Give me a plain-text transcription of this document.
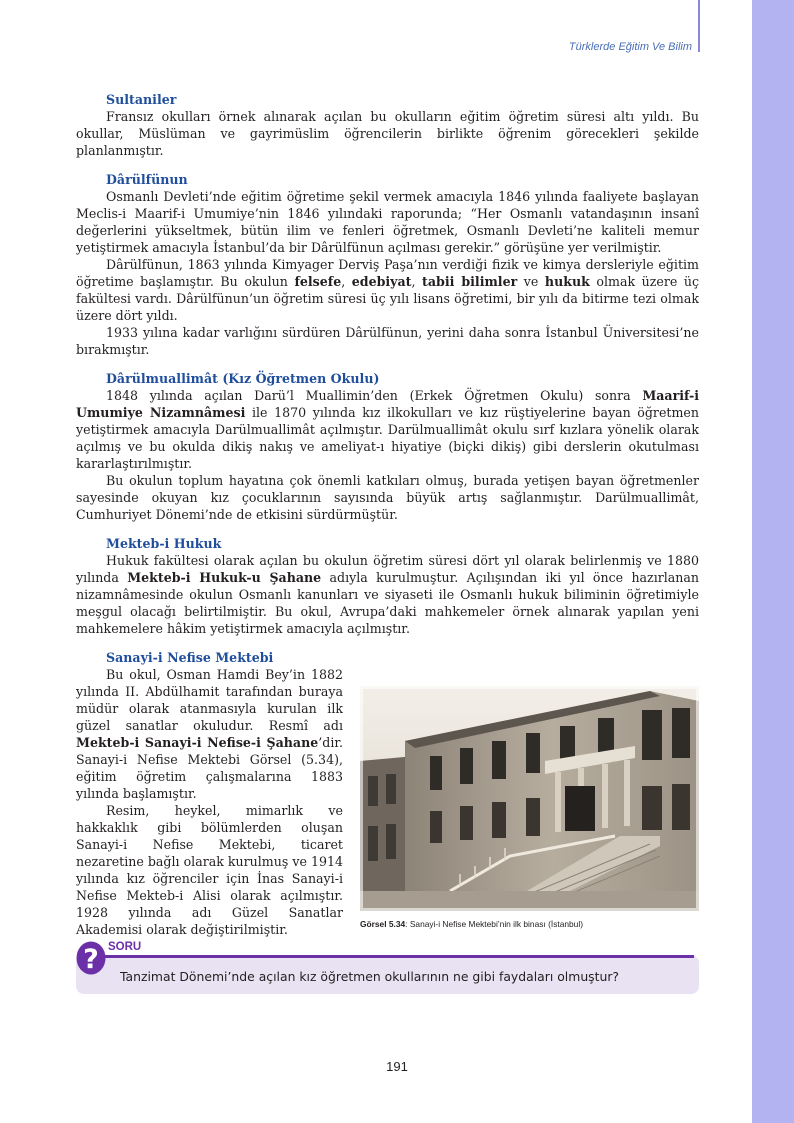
Türklerde Eğitim Ve Bilim
Sultaniler

Fransız okulları örnek alınarak açılan bu okulların eğitim öğretim süresi altı yıldı. Bu okullar, Müslüman ve gayrimüslim öğrencilerin birlikte öğrenim görecekleri şekilde planlanmıştır.

Dârülfünun

Osmanlı Devleti’nde eğitim öğretime şekil vermek amacıyla 1846 yılında faaliyete başlayan Meclis-i Maarif-i Umumiye’nin 1846 yılındaki raporunda; “Her Osmanlı vatandaşının insanî değerlerini yükseltmek, bütün ilim ve fenleri öğretmek, Osmanlı Devleti’ne kaliteli memur yetiştirmek amacıyla İstanbul’da bir Dârülfünun açılması gerekir.” görüşüne yer verilmiştir.

Dârülfünun, 1863 yılında Kimyager Derviş Paşa’nın verdiği fizik ve kimya dersleriyle eğitim öğretime başlamıştır. Bu okulun felsefe, edebiyat, tabii bilimler ve hukuk olmak üzere üç fakültesi vardı. Dârülfünun’un öğretim süresi üç yılı lisans öğretimi, bir yılı da bitirme tezi olmak üzere dört yıldı.

1933 yılına kadar varlığını sürdüren Dârülfünun, yerini daha sonra İstanbul Üniversitesi’ne bırakmıştır.

Dârülmuallimât (Kız Öğretmen Okulu)

1848 yılında açılan Darü’l Muallimin’den (Erkek Öğretmen Okulu) sonra Maarif-i Umumiye Nizamnâmesi ile 1870 yılında kız ilkokulları ve kız rüştiyelerine bayan öğretmen yetiştirmek amacıyla Darülmuallimât açılmıştır. Darülmuallimât okulu sırf kızlara yönelik olarak açılmış ve bu okulda dikiş nakış ve ameliyat-ı hiyatiye (biçki dikiş) gibi derslerin okutulması kararlaştırılmıştır.

Bu okulun toplum hayatına çok önemli katkıları olmuş, burada yetişen bayan öğretmenler sayesinde okuyan kız çocuklarının sayısında büyük artış sağlanmıştır. Darülmuallimât, Cumhuriyet Dönemi’nde de etkisini sürdürmüştür.

Mekteb-i Hukuk

Hukuk fakültesi olarak açılan bu okulun öğretim süresi dört yıl olarak belirlenmiş ve 1880 yılında Mekteb-i Hukuk-u Şahane adıyla kurulmuştur. Açılışından iki yıl önce hazırlanan nizamnâmesinde okulun Osmanlı kanunları ve siyaseti ile Osmanlı hukuk biliminin öğretimiyle meşgul olacağı belirtilmiştir. Bu okul, Avrupa’daki mahkemeler örnek alınarak yapılan yeni mahkemelere hâkim yetiştirmek amacıyla açılmıştır.

Sanayi-i Nefise Mektebi

Bu okul, Osman Hamdi Bey’in 1882 yılında II. Abdülhamit tarafından buraya müdür olarak atanmasıyla kurulan ilk güzel sanatlar okuludur. Resmî adı Mekteb-i Sanayi-i Nefise-i Şahane’dir. Sanayi-i Nefise Mektebi Görsel (5.34), eğitim öğretim çalışmalarına 1883 yılında başlamıştır.

Resim, heykel, mimarlık ve hakkaklık gibi bölümlerden oluşan Sanayi-i Nefise Mektebi, ticaret nezaretine bağlı olarak kurulmuş ve 1914 yılında kız öğrenciler için İnas Sanayi-i Nefise Mekteb-i Alisi olarak açılmıştır. 1928 yılında adı Güzel Sanatlar Akademisi olarak değiştirilmiştir.	Görsel 5.34: Sanayi-i Nefise Mektebi’nin ilk binası (İstanbul)
? SORU
Tanzimat Dönemi’nde açılan kız öğretmen okullarının ne gibi faydaları olmuştur?
191
